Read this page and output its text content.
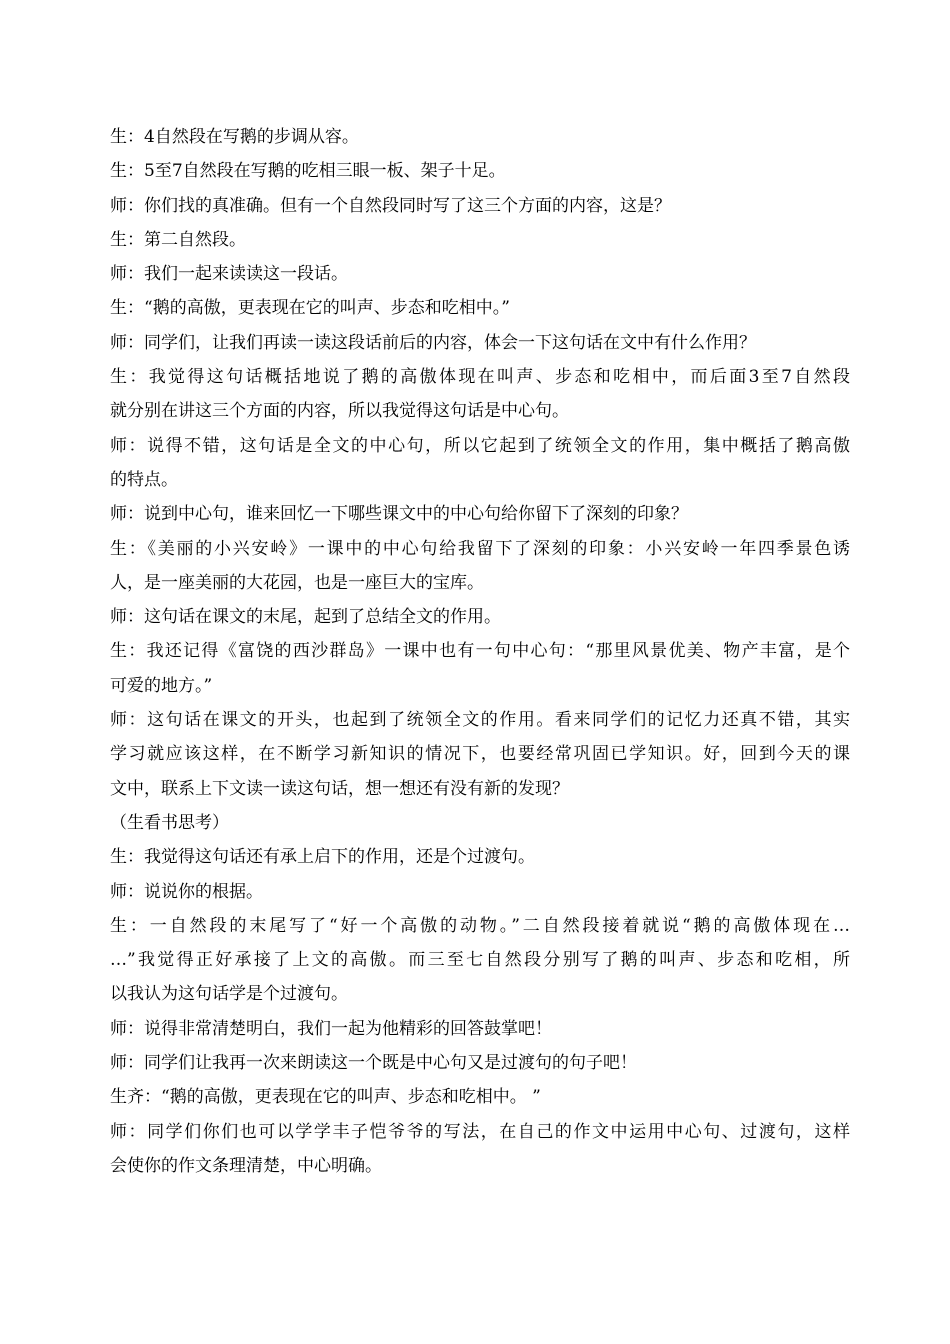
生：4自然段在写鹅的步调从容。
生：5至7自然段在写鹅的吃相三眼一板、架子十足。
师：你们找的真准确。但有一个自然段同时写了这三个方面的内容，这是？
生：第二自然段。
师：我们一起来读读这一段话。
生：“鹅的高傲，更表现在它的叫声、步态和吃相中。”
师：同学们，让我们再读一读这段话前后的内容，体会一下这句话在文中有什么作用？
生：我觉得这句话概括地说了鹅的高傲体现在叫声、步态和吃相中，而后面3至7自然段
就分别在讲这三个方面的内容，所以我觉得这句话是中心句。
师：说得不错，这句话是全文的中心句，所以它起到了统领全文的作用，集中概括了鹅高傲
的特点。
师：说到中心句，谁来回忆一下哪些课文中的中心句给你留下了深刻的印象？
生：《美丽的小兴安岭》一课中的中心句给我留下了深刻的印象：小兴安岭一年四季景色诱
人，是一座美丽的大花园，也是一座巨大的宝库。
师：这句话在课文的末尾，起到了总结全文的作用。
生：我还记得《富饶的西沙群岛》一课中也有一句中心句：“那里风景优美、物产丰富，是个
可爱的地方。”
师：这句话在课文的开头，也起到了统领全文的作用。看来同学们的记忆力还真不错，其实
学习就应该这样，在不断学习新知识的情况下，也要经常巩固已学知识。好，回到今天的课
文中，联系上下文读一读这句话，想一想还有没有新的发现？
（生看书思考）
生：我觉得这句话还有承上启下的作用，还是个过渡句。
师：说说你的根据。
生：一自然段的末尾写了“好一个高傲的动物。”二自然段接着就说“鹅的高傲体现在…
…”我觉得正好承接了上文的高傲。而三至七自然段分别写了鹅的叫声、步态和吃相，所
以我认为这句话学是个过渡句。
师：说得非常清楚明白，我们一起为他精彩的回答鼓掌吧！
师：同学们让我再一次来朗读这一个既是中心句又是过渡句的句子吧！
生齐：“鹅的高傲，更表现在它的叫声、步态和吃相中。 ”
师：同学们你们也可以学学丰子恺爷爷的写法，在自己的作文中运用中心句、过渡句，这样
会使你的作文条理清楚，中心明确。
